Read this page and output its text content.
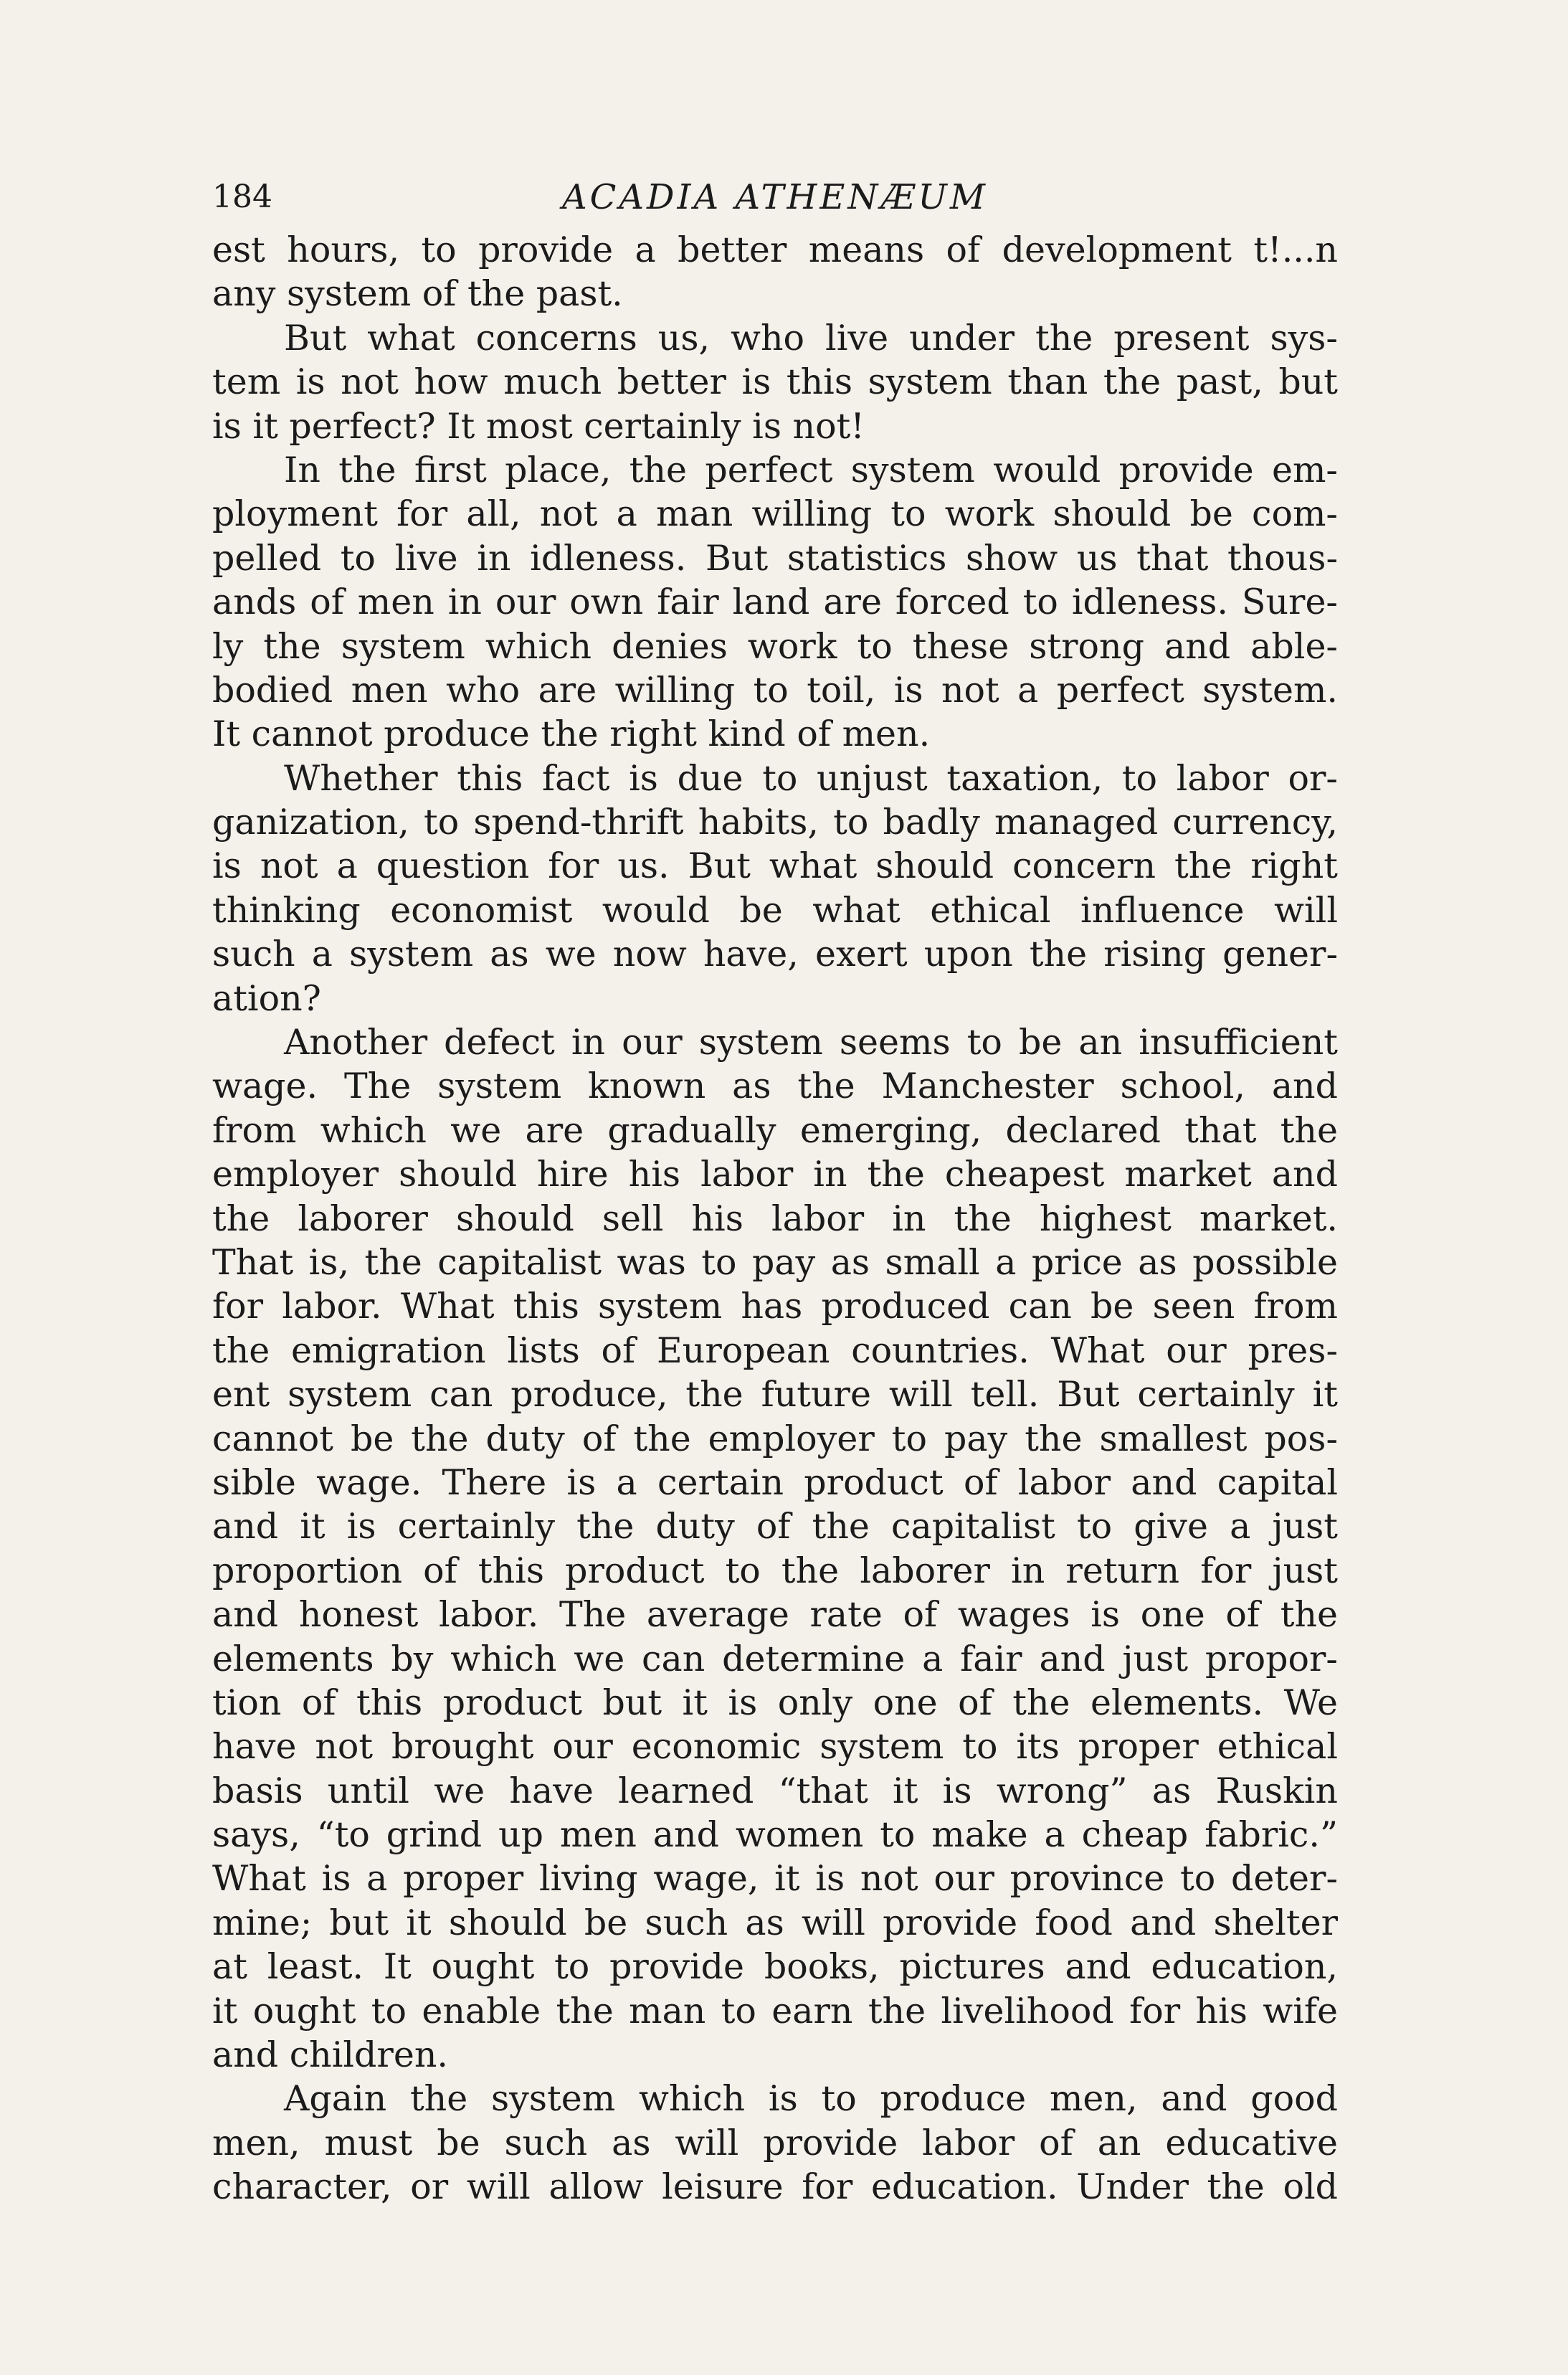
184	ACADIA ATHENÆUM
est hours, to provide a better means of development t!...n
any system of the past.
But what concerns us, who live under the present sys-
tem is not how much better is this system than the past, but
is it perfect? It most certainly is not!
In the first place, the perfect system would provide em-
ployment for all, not a man willing to work should be com-
pelled to live in idleness. But statistics show us that thous-
ands of men in our own fair land are forced to idleness. Sure-
ly the system which denies work to these strong and able-
bodied men who are willing to toil, is not a perfect system.
It cannot produce the right kind of men.
Whether this fact is due to unjust taxation, to labor or-
ganization, to spend-thrift habits, to badly managed currency,
is not a question for us. But what should concern the right
thinking economist would be what ethical influence will
such a system as we now have, exert upon the rising gener-
ation?
Another defect in our system seems to be an insufficient
wage. The system known as the Manchester school, and
from which we are gradually emerging, declared that the
employer should hire his labor in the cheapest market and
the laborer should sell his labor in the highest market.
That is, the capitalist was to pay as small a price as possible
for labor. What this system has produced can be seen from
the emigration lists of European countries. What our pres-
ent system can produce, the future will tell. But certainly it
cannot be the duty of the employer to pay the smallest pos-
sible wage. There is a certain product of labor and capital
and it is certainly the duty of the capitalist to give a just
proportion of this product to the laborer in return for just
and honest labor. The average rate of wages is one of the
elements by which we can determine a fair and just propor-
tion of this product but it is only one of the elements. We
have not brought our economic system to its proper ethical
basis until we have learned “that it is wrong” as Ruskin
says, “to grind up men and women to make a cheap fabric.”
What is a proper living wage, it is not our province to deter-
mine; but it should be such as will provide food and shelter
at least. It ought to provide books, pictures and education,
it ought to enable the man to earn the livelihood for his wife
and children.
Again the system which is to produce men, and good
men, must be such as will provide labor of an educative
character, or will allow leisure for education. Under the old
